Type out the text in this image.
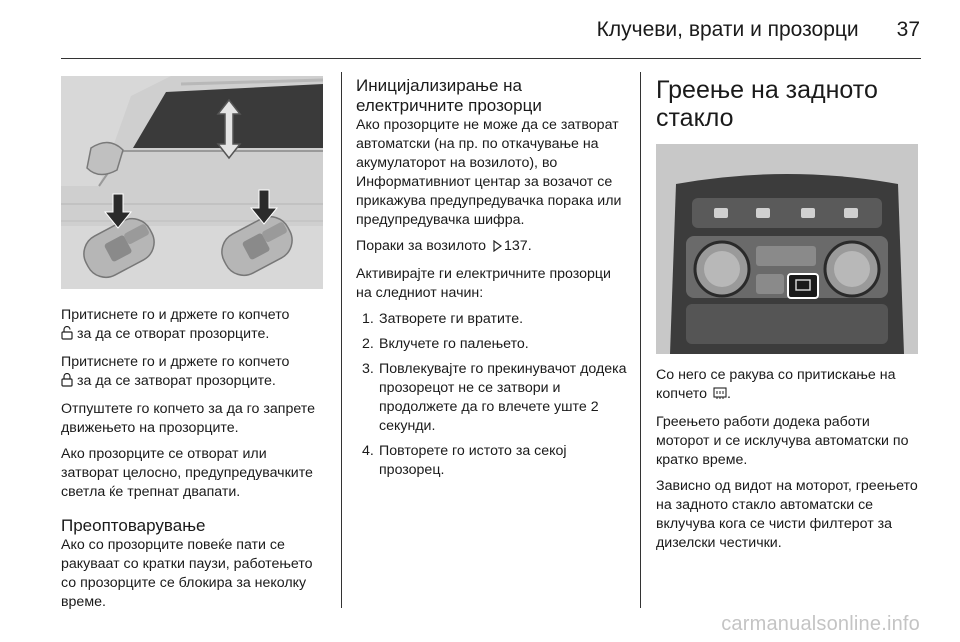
Клучеви, врати и прозорци 37

Притиснете го и држете го копчето
за да се отворат прозорците.

Притиснете го и држете го копчето
за да се затворат прозорците.

Отпуштете го копчето за да го запрете движењето на прозорците.

Ако прозорците се отворат или затворат целосно, предупредувачките светла ќе трепнат двапати.

Преоптоварување

Ако со прозорците повеќе пати се ракуваат со кратки паузи, работењето со прозорците се блокира за неколку време.

Иницијализирање на електричните прозорци

Ако прозорците не може да се затворат автоматски (на пр. по откачување на акумулаторот на возилото), во Информативниот центар за возачот се прикажува предупредувачка порака или предупредувачка шифра.

Пораки за возилото 137.

Активирајте ги електричните прозорци на следниот начин:

1. Затворете ги вратите.
2. Вклучете го палењето.
3. Повлекувајте го прекинувачот додека прозорецот не се затвори и продолжете да го влечете уште 2 секунди.
4. Повторете го истото за секој прозорец.
Греење на задното стакло

Со него се ракува со притискање на копчето .

Греењето работи додека работи моторот и се исклучува автоматски по кратко време.

Зависно од видот на моторот, греењето на задното стакло автоматски се вклучува кога се чисти филтерот за дизелски честички.

carmanualsonline.info
